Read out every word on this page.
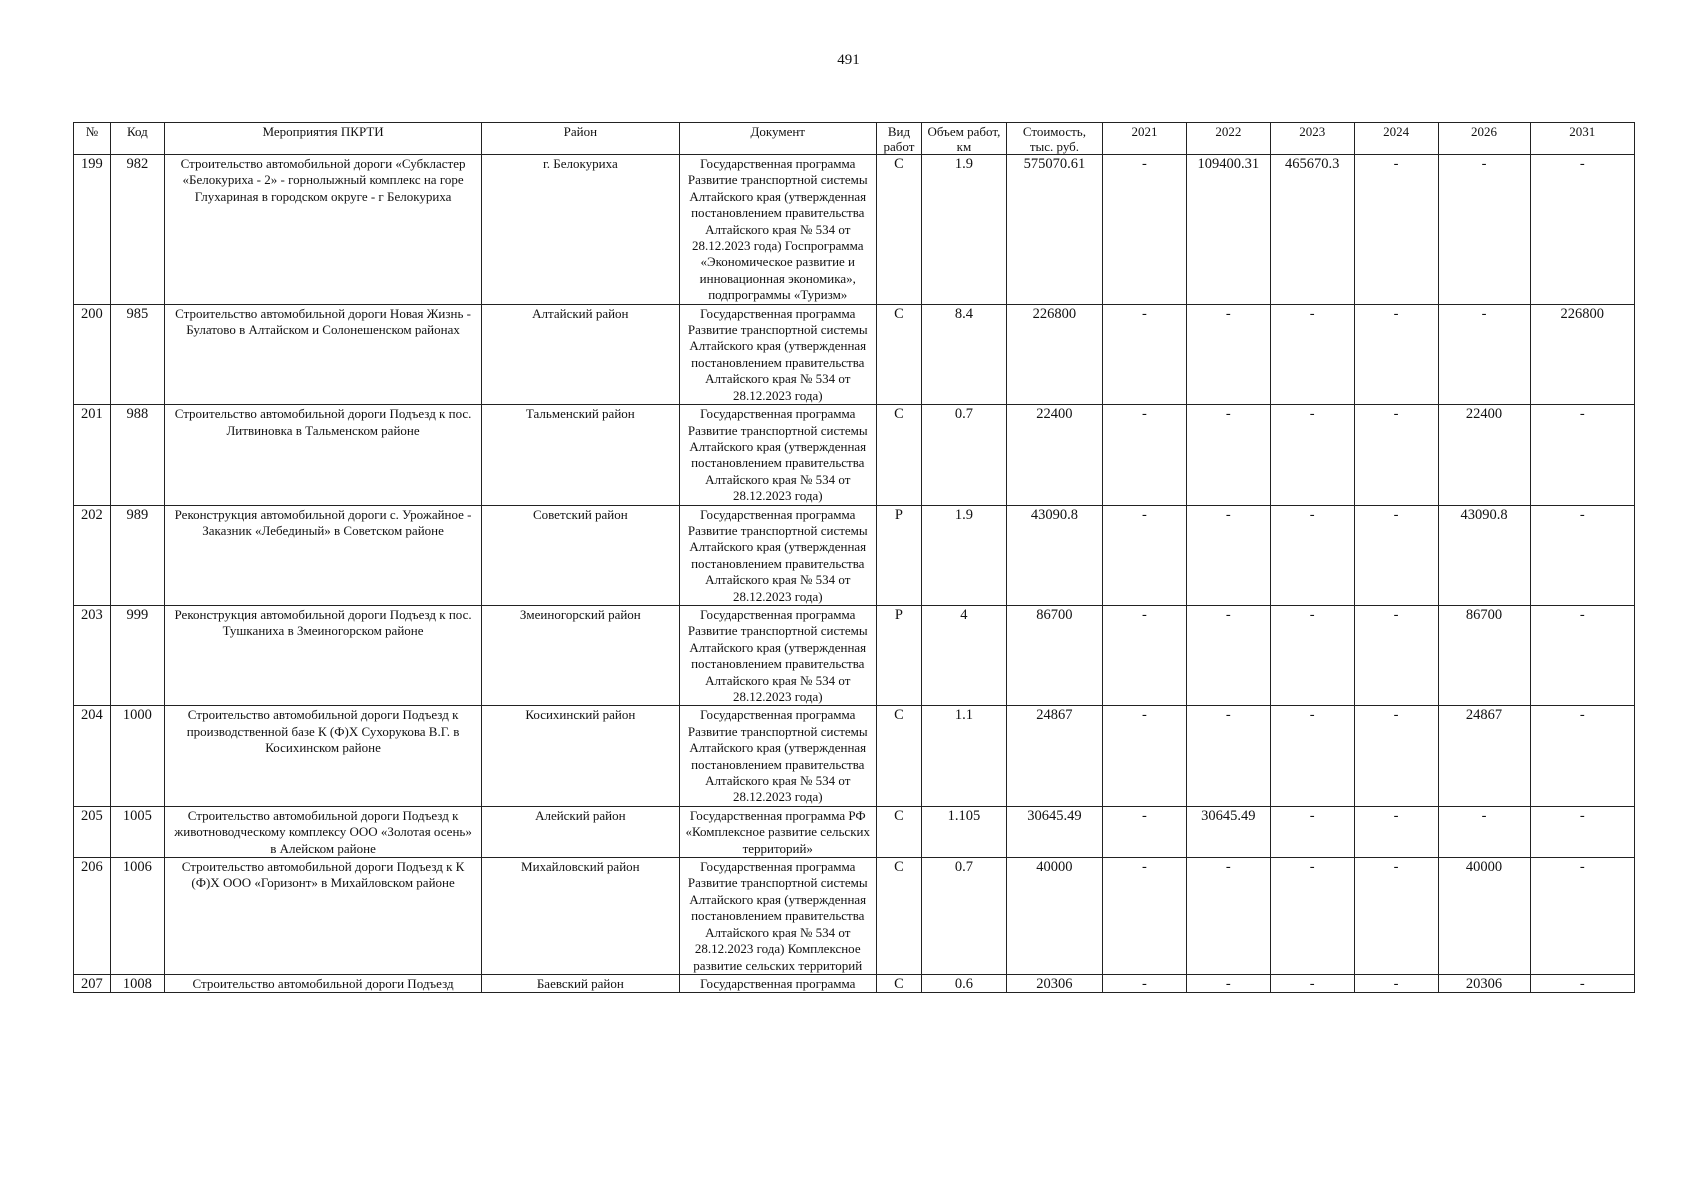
491
№	Код	Мероприятия ПКРТИ	Район	Документ	Вид работ	Объем работ, км	Стоимость, тыс. руб.	2021	2022	2023	2024	2026	2031
199	982	Строительство автомобильной дороги «Субкластер «Белокуриха - 2» - горнолыжный комплекс на горе Глухариная в городском округе - г Белокуриха	г. Белокуриха	Государственная программа Развитие транспортной системы Алтайского края (утвержденная постановлением правительства Алтайского края № 534 от 28.12.2023 года) Госпрограмма «Экономическое развитие и инновационная экономика», подпрограммы «Туризм»	С	1.9	575070.61	-	109400.31	465670.3	-	-	-
200	985	Строительство автомобильной дороги Новая Жизнь - Булатово в Алтайском и Солонешенском районах	Алтайский район	Государственная программа Развитие транспортной системы Алтайского края (утвержденная постановлением правительства Алтайского края № 534 от 28.12.2023 года)	С	8.4	226800	-	-	-	-	-	226800
201	988	Строительство автомобильной дороги Подъезд к пос. Литвиновка в Тальменском районе	Тальменский район	Государственная программа Развитие транспортной системы Алтайского края (утвержденная постановлением правительства Алтайского края № 534 от 28.12.2023 года)	С	0.7	22400	-	-	-	-	22400	-
202	989	Реконструкция автомобильной дороги с. Урожайное - Заказник «Лебединый» в Советском районе	Советский район	Государственная программа Развитие транспортной системы Алтайского края (утвержденная постановлением правительства Алтайского края № 534 от 28.12.2023 года)	Р	1.9	43090.8	-	-	-	-	43090.8	-
203	999	Реконструкция автомобильной дороги Подъезд к пос. Тушканиха в Змеиногорском районе	Змеиногорский район	Государственная программа Развитие транспортной системы Алтайского края (утвержденная постановлением правительства Алтайского края № 534 от 28.12.2023 года)	Р	4	86700	-	-	-	-	86700	-
204	1000	Строительство автомобильной дороги Подъезд к производственной базе К (Ф)Х Сухорукова В.Г. в Косихинском районе	Косихинский район	Государственная программа Развитие транспортной системы Алтайского края (утвержденная постановлением правительства Алтайского края № 534 от 28.12.2023 года)	С	1.1	24867	-	-	-	-	24867	-
205	1005	Строительство автомобильной дороги Подъезд к животноводческому комплексу ООО «Золотая осень» в Алейском районе	Алейский район	Государственная программа РФ «Комплексное развитие сельских территорий»	С	1.105	30645.49	-	30645.49	-	-	-	-
206	1006	Строительство автомобильной дороги Подъезд к К (Ф)Х ООО «Горизонт» в Михайловском районе	Михайловский район	Государственная программа Развитие транспортной системы Алтайского края (утвержденная постановлением правительства Алтайского края № 534 от 28.12.2023 года) Комплексное развитие сельских территорий	С	0.7	40000	-	-	-	-	40000	-
207	1008	Строительство автомобильной дороги Подъезд	Баевский район	Государственная программа	С	0.6	20306	-	-	-	-	20306	-
